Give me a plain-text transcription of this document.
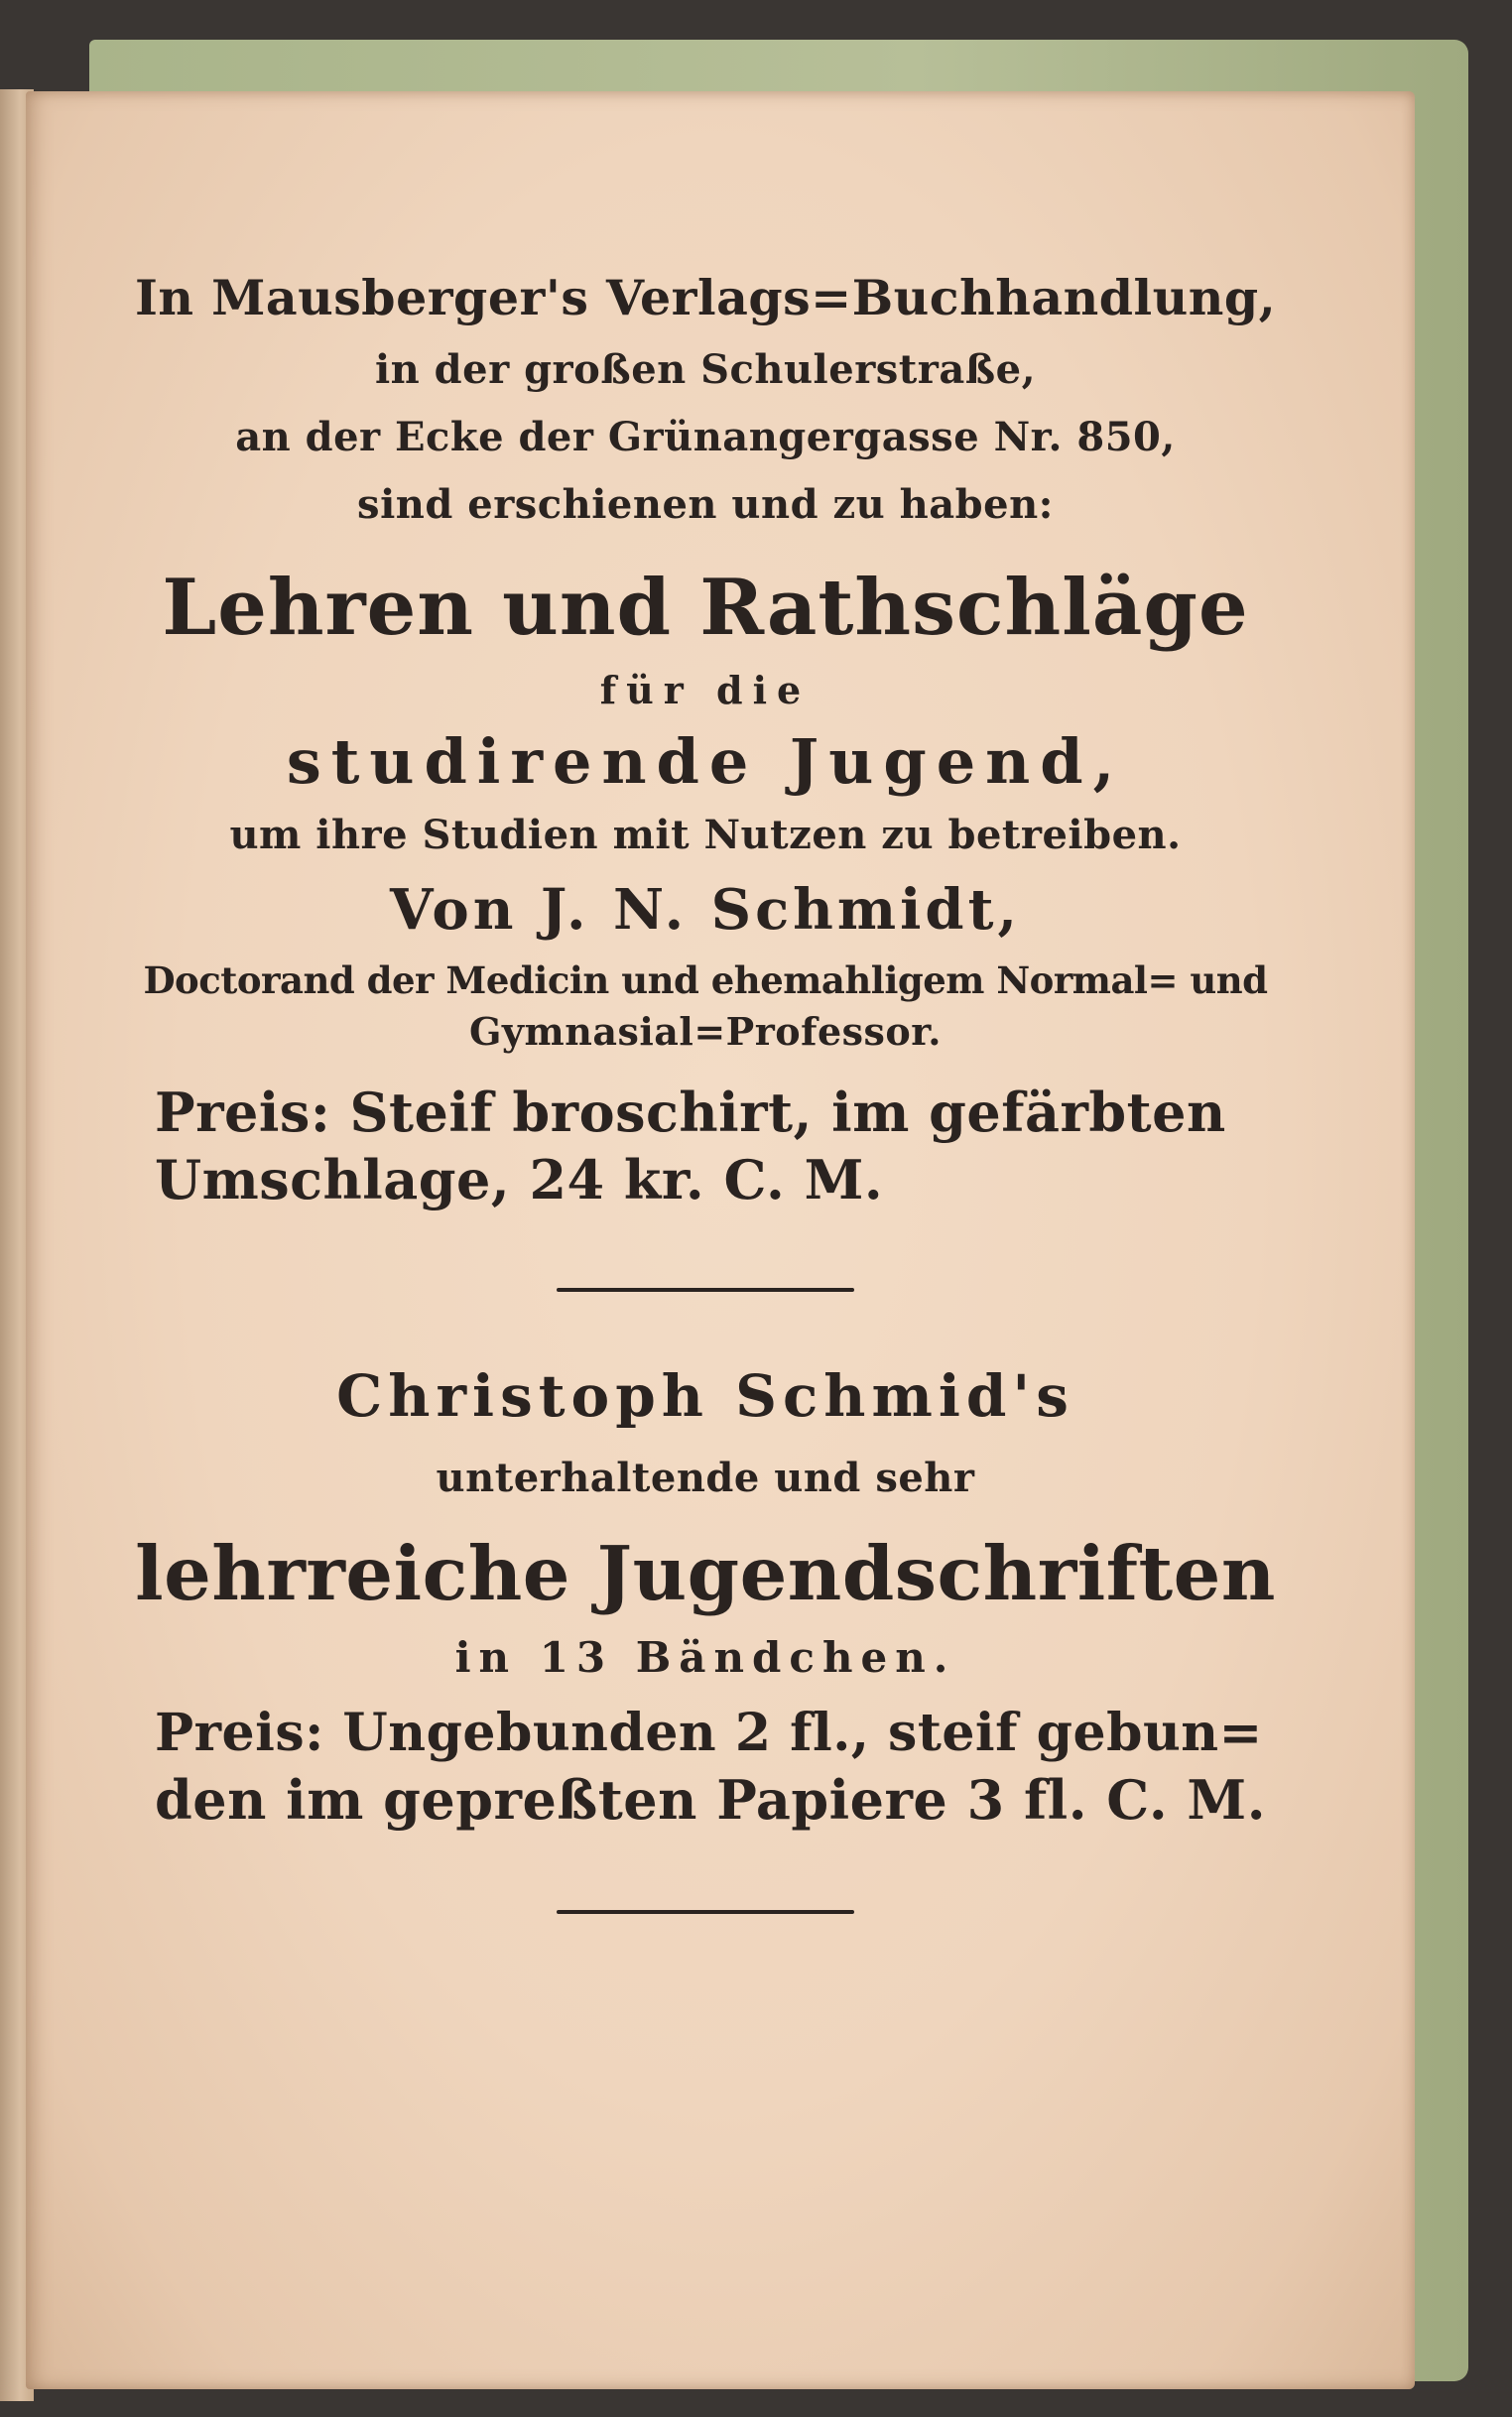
In Mausberger's Verlags=Buchhandlung,
in der großen Schulerstraße,
an der Ecke der Grünangergasse Nr. 850,
sind erschienen und zu haben:
Lehren und Rathschläge
für die
studirende Jugend,
um ihre Studien mit Nutzen zu betreiben.
Von J. N. Schmidt,
Doctorand der Medicin und ehemahligem Normal= und
Gymnasial=Professor.
Preis: Steif broschirt, im gefärbten
Umschlage, 24 kr. C. M.
Christoph Schmid's
unterhaltende und sehr
lehrreiche Jugendschriften
in 13 Bändchen.
Preis: Ungebunden 2 fl., steif gebun=
den im gepreßten Papiere 3 fl. C. M.
